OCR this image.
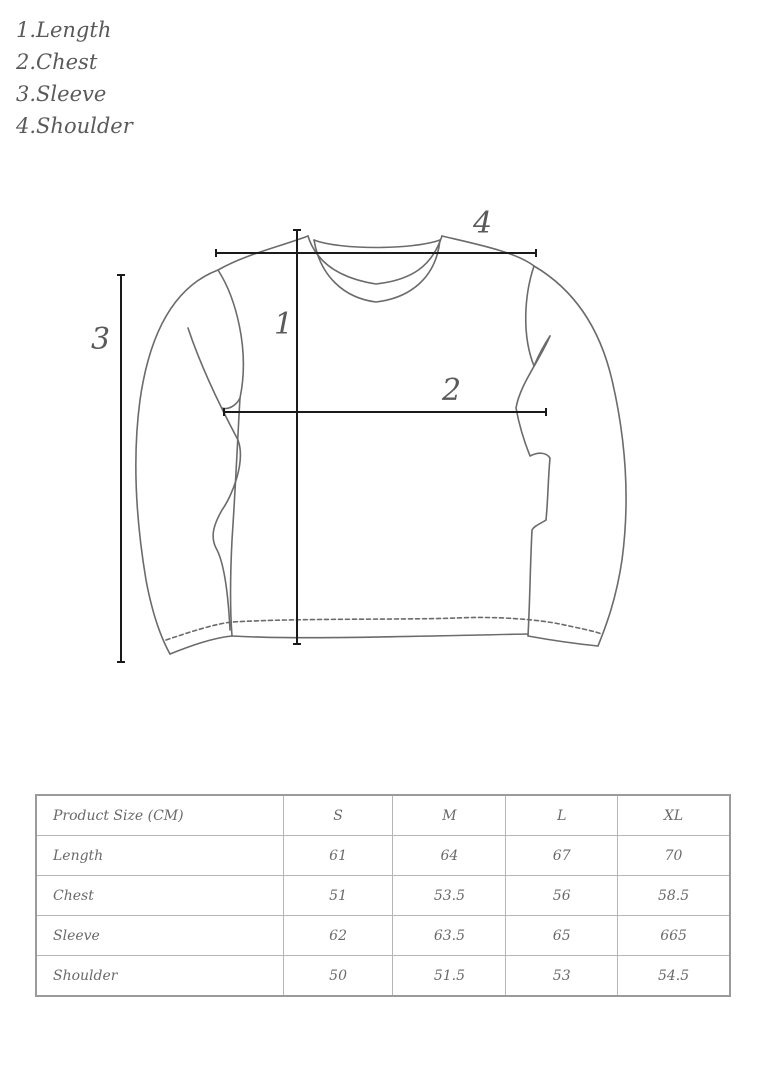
1.Length
2.Chest
3.Sleeve
4.Shoulder
1
2
3
4
Product Size (CM)	S	M	L	XL
Length	61	64	67	70
Chest	51	53.5	56	58.5
Sleeve	62	63.5	65	665
Shoulder	50	51.5	53	54.5
